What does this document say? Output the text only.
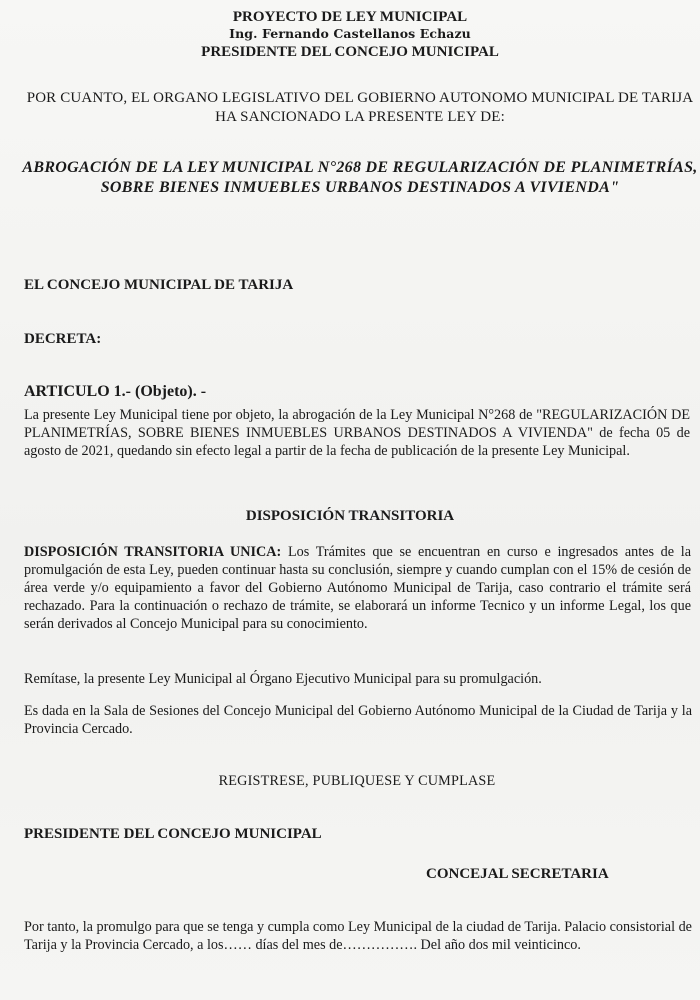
PROYECTO DE LEY MUNICIPAL
Ing. Fernando Castellanos Echazu
PRESIDENTE DEL CONCEJO MUNICIPAL
POR CUANTO, EL ORGANO LEGISLATIVO DEL GOBIERNO AUTONOMO MUNICIPAL DE TARIJA HA SANCIONADO LA PRESENTE LEY DE:
ABROGACIÓN DE LA LEY MUNICIPAL N°268 DE REGULARIZACIÓN DE PLANIMETRÍAS, SOBRE BIENES INMUEBLES URBANOS DESTINADOS A VIVIENDA"
EL CONCEJO MUNICIPAL DE TARIJA
DECRETA:
ARTICULO 1.- (Objeto). -
La presente Ley Municipal tiene por objeto, la abrogación de la Ley Municipal N°268 de "REGULARIZACIÓN DE PLANIMETRÍAS, SOBRE BIENES INMUEBLES URBANOS DESTINADOS A VIVIENDA" de fecha 05 de agosto de 2021, quedando sin efecto legal a partir de la fecha de publicación de la presente Ley Municipal.
DISPOSICIÓN TRANSITORIA
DISPOSICIÓN TRANSITORIA UNICA: Los Trámites que se encuentran en curso e ingresados antes de la promulgación de esta Ley, pueden continuar hasta su conclusión, siempre y cuando cumplan con el 15% de cesión de área verde y/o equipamiento a favor del Gobierno Autónomo Municipal de Tarija, caso contrario el trámite será rechazado. Para la continuación o rechazo de trámite, se elaborará un informe Tecnico y un informe Legal, los que serán derivados al Concejo Municipal para su conocimiento.
Remítase, la presente Ley Municipal al Órgano Ejecutivo Municipal para su promulgación.
Es dada en la Sala de Sesiones del Concejo Municipal del Gobierno Autónomo Municipal de la Ciudad de Tarija y la Provincia Cercado.
REGISTRESE, PUBLIQUESE Y CUMPLASE
PRESIDENTE DEL CONCEJO MUNICIPAL
CONCEJAL SECRETARIA
Por tanto, la promulgo para que se tenga y cumpla como Ley Municipal de la ciudad de Tarija. Palacio consistorial de Tarija y la Provincia Cercado, a los…… días del mes de……………. Del año dos mil veinticinco.
